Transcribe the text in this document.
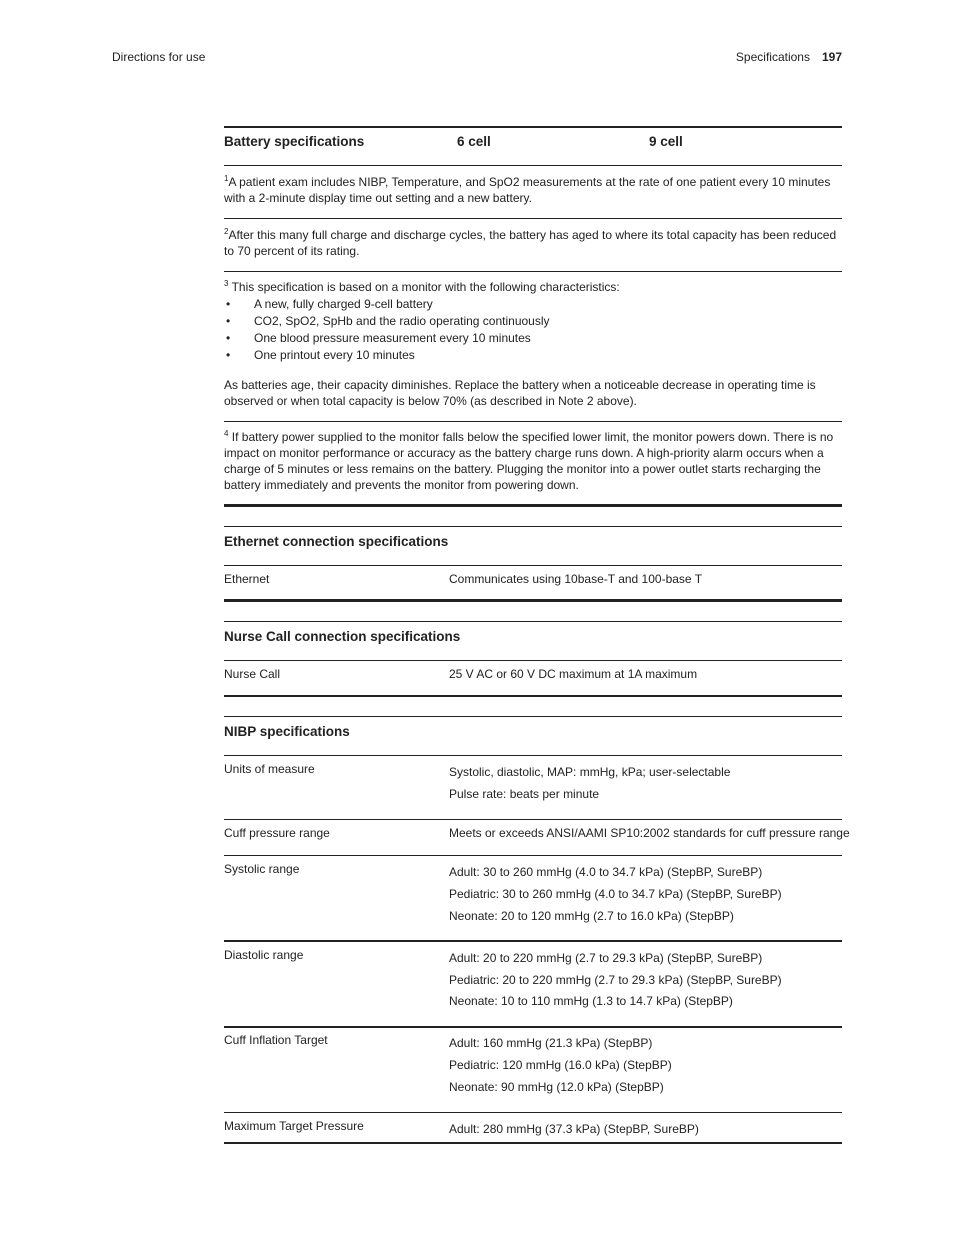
Directions for use	Specifications 197
Battery specifications	6 cell	9 cell
$^1$A patient exam includes NIBP, Temperature, and SpO2 measurements at the rate of one patient every 10 minutes with a 2-minute display time out setting and a new battery.
$^2$After this many full charge and discharge cycles, the battery has aged to where its total capacity has been reduced to 70 percent of its rating.
$^3$ This specification is based on a monitor with the following characteristics:
• A new, fully charged 9-cell battery
• CO2, SpO2, SpHb and the radio operating continuously
• One blood pressure measurement every 10 minutes
• One printout every 10 minutes
As batteries age, their capacity diminishes. Replace the battery when a noticeable decrease in operating time is observed or when total capacity is below 70% (as described in Note 2 above).
$^4$ If battery power supplied to the monitor falls below the specified lower limit, the monitor powers down. There is no impact on monitor performance or accuracy as the battery charge runs down. A high-priority alarm occurs when a charge of 5 minutes or less remains on the battery. Plugging the monitor into a power outlet starts recharging the battery immediately and prevents the monitor from powering down.
Ethernet connection specifications
Ethernet	Communicates using 10base-T and 100-base T
Nurse Call connection specifications
Nurse Call	25 V AC or 60 V DC maximum at 1A maximum
NIBP specifications
Units of measure	Systolic, diastolic, MAP: mmHg, kPa; user-selectable
Pulse rate: beats per minute
Cuff pressure range	Meets or exceeds ANSI/AAMI SP10:2002 standards for cuff pressure range
Systolic range	Adult: 30 to 260 mmHg (4.0 to 34.7 kPa) (StepBP, SureBP)
Pediatric: 30 to 260 mmHg (4.0 to 34.7 kPa) (StepBP, SureBP)
Neonate: 20 to 120 mmHg (2.7 to 16.0 kPa) (StepBP)
Diastolic range	Adult: 20 to 220 mmHg (2.7 to 29.3 kPa) (StepBP, SureBP)
Pediatric: 20 to 220 mmHg (2.7 to 29.3 kPa) (StepBP, SureBP)
Neonate: 10 to 110 mmHg (1.3 to 14.7 kPa) (StepBP)
Cuff Inflation Target	Adult: 160 mmHg (21.3 kPa) (StepBP)
Pediatric: 120 mmHg (16.0 kPa) (StepBP)
Neonate: 90 mmHg (12.0 kPa) (StepBP)
Maximum Target Pressure	Adult: 280 mmHg (37.3 kPa) (StepBP, SureBP)
